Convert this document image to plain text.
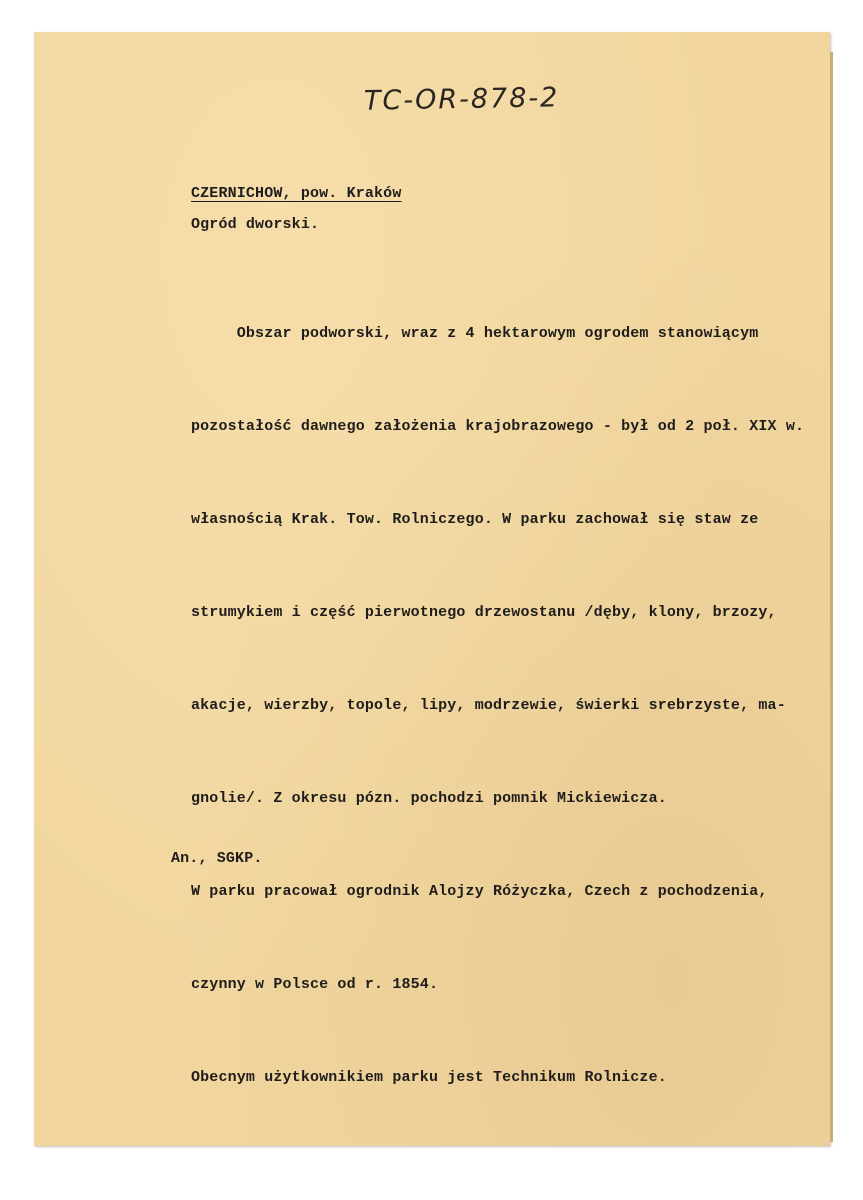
TC-OR-878-2
CZERNICHOW, pow. Kraków
Ogród dworski.

Obszar podworski, wraz z 4 hektarowym ogrodem stanowiącym

pozostałość dawnego założenia krajobrazowego - był od 2 poł. XIX w.

własnością Krak. Tow. Rolniczego. W parku zachował się staw ze

strumykiem i część pierwotnego drzewostanu /dęby, klony, brzozy,

akacje, wierzby, topole, lipy, modrzewie, świerki srebrzyste, ma-

gnolie/. Z okresu pózn. pochodzi pomnik Mickiewicza.

W parku pracował ogrodnik Alojzy Różyczka, Czech z pochodzenia,

czynny w Polsce od r. 1854.

Obecnym użytkownikiem parku jest Technikum Rolnicze.

An., SGKP.
